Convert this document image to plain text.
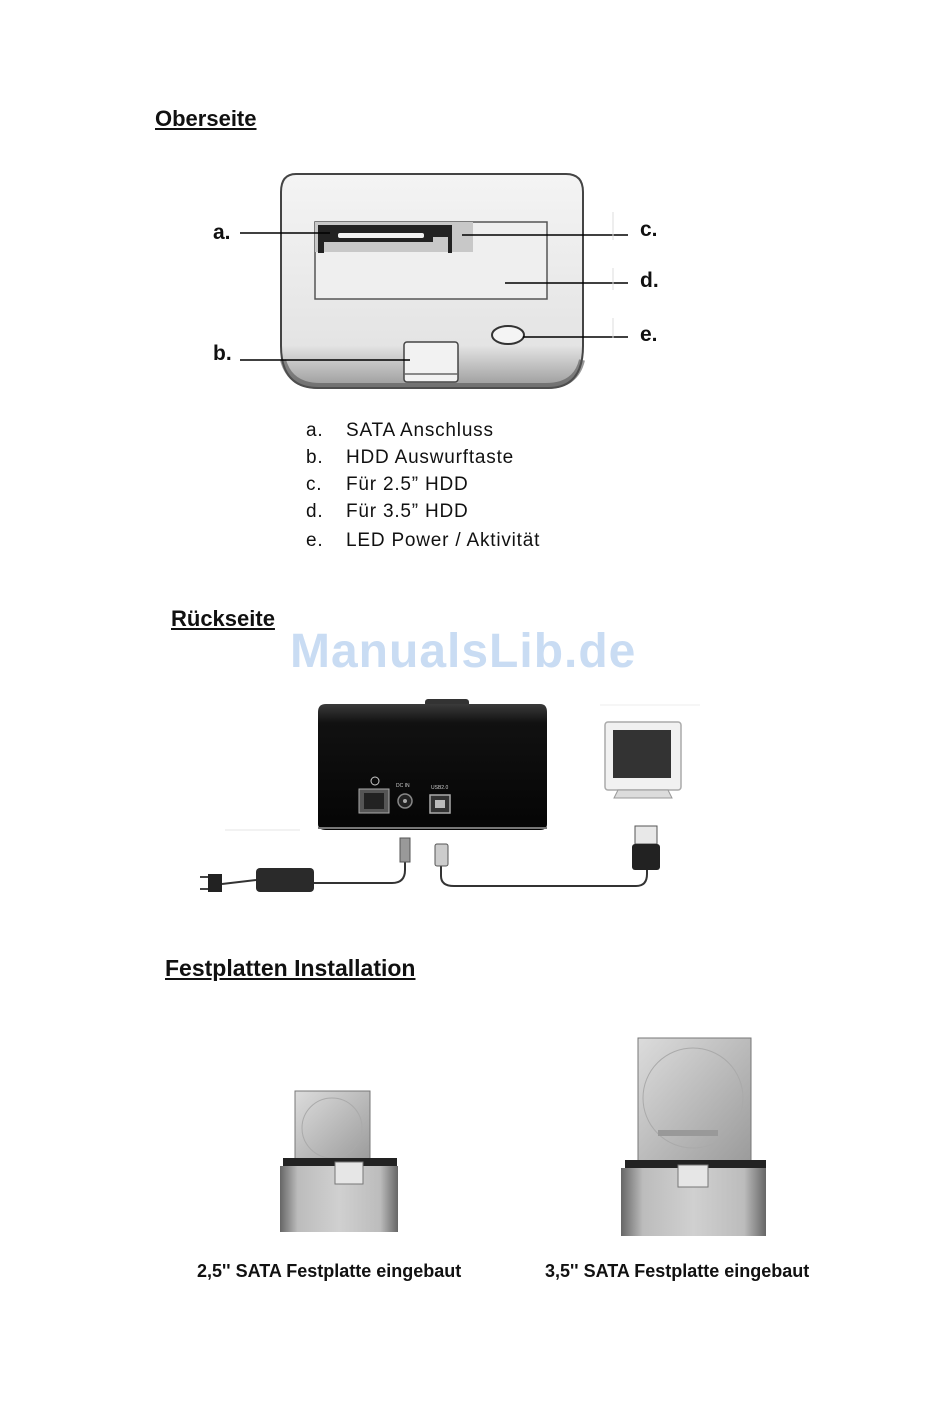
Oberseite
Rückseite
Festplatten Installation
a.
b.
c.
d.
e.
a. SATA Anschluss
b. HDD Auswurftaste
c. Für 2.5” HDD
d. Für 3.5” HDD
e. LED Power / Aktivität
ManualsLib.de
DC IN	USB2.0
2,5'' SATA Festplatte eingebaut	3,5'' SATA Festplatte eingebaut
